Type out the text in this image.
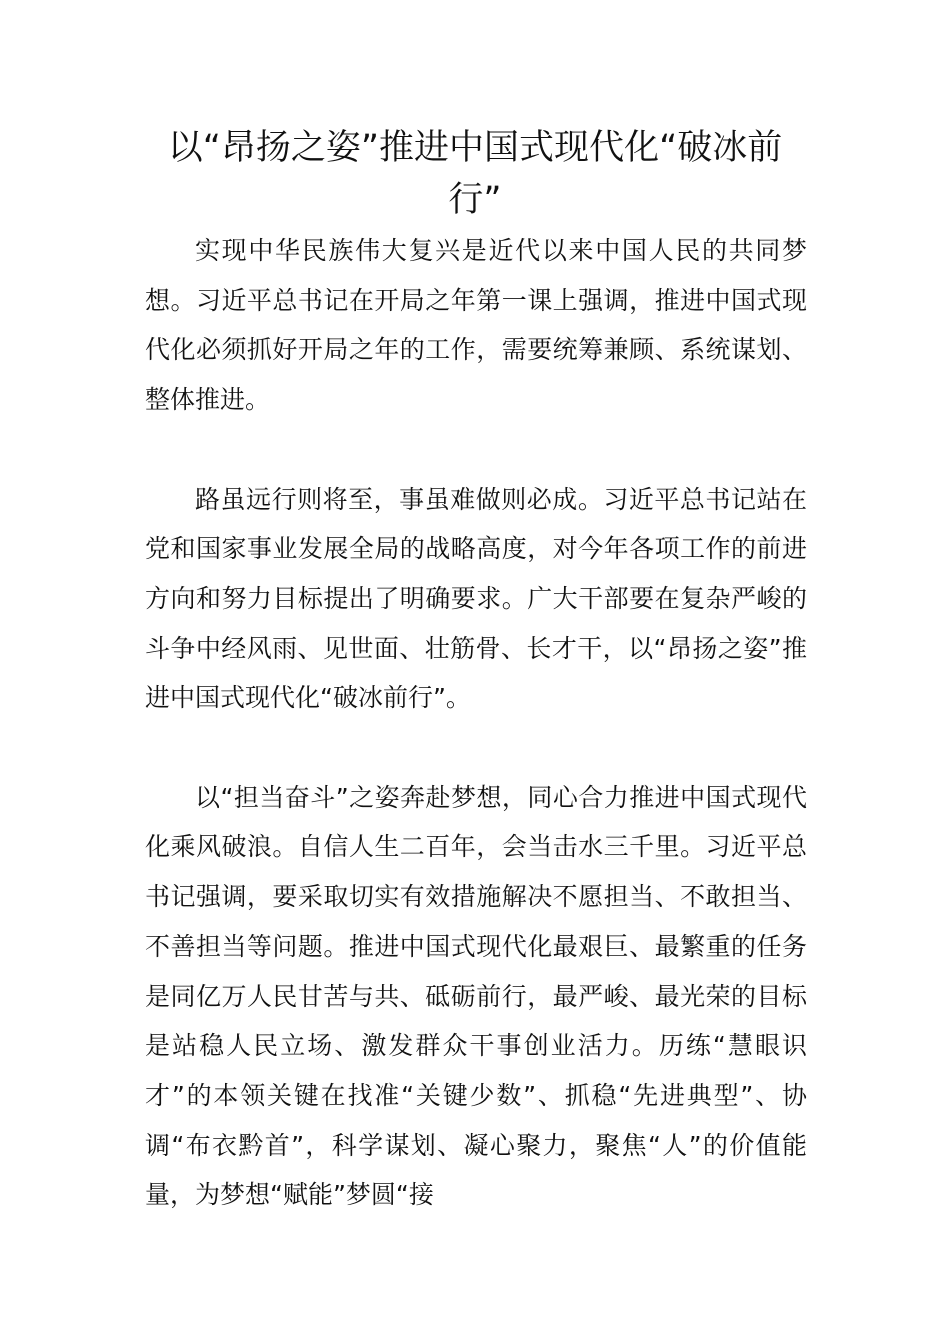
以“昂扬之姿”推进中国式现代化“破冰前行”

实现中华民族伟大复兴是近代以来中国人民的共同梦想。习近平总书记在开局之年第一课上强调，推进中国式现代化必须抓好开局之年的工作，需要统筹兼顾、系统谋划、整体推进。

路虽远行则将至，事虽难做则必成。习近平总书记站在党和国家事业发展全局的战略高度，对今年各项工作的前进方向和努力目标提出了明确要求。广大干部要在复杂严峻的斗争中经风雨、见世面、壮筋骨、长才干，以“昂扬之姿”推进中国式现代化“破冰前行”。

以“担当奋斗”之姿奔赴梦想，同心合力推进中国式现代化乘风破浪。自信人生二百年，会当击水三千里。习近平总书记强调，要采取切实有效措施解决不愿担当、不敢担当、不善担当等问题。推进中国式现代化最艰巨、最繁重的任务是同亿万人民甘苦与共、砥砺前行，最严峻、最光荣的目标是站稳人民立场、激发群众干事创业活力。历练“慧眼识才”的本领关键在找准“关键少数”、抓稳“先进典型”、协调“布衣黔首”，科学谋划、凝心聚力，聚焦“人”的价值能量，为梦想“赋能”梦圆“接
